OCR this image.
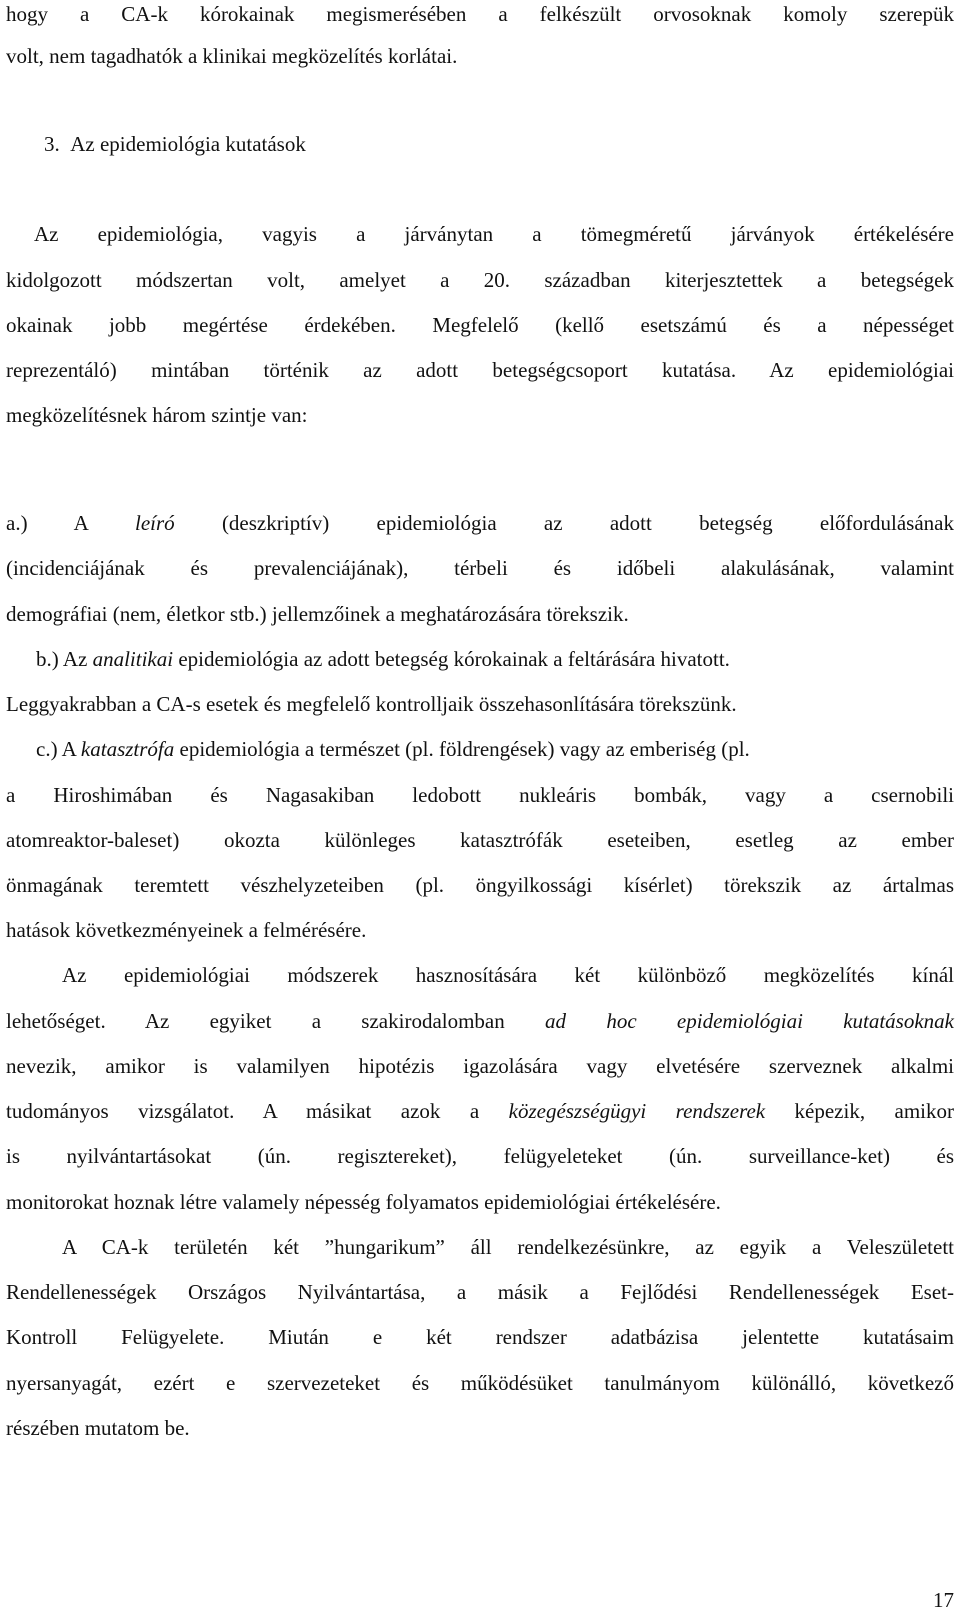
hogy a CA-k kórokainak megismerésében a felkészült orvosoknak komoly szerepük
volt, nem tagadhatók a klinikai megközelítés korlátai.
3. Az epidemiológia kutatások
Az epidemiológia, vagyis a járványtan a tömegméretű járványok értékelésére
kidolgozott módszertan volt, amelyet a 20. században kiterjesztettek a betegségek
okainak jobb megértése érdekében. Megfelelő (kellő esetszámú és a népességet
reprezentáló) mintában történik az adott betegségcsoport kutatása. Az epidemiológiai
megközelítésnek három szintje van:
a.) A leíró (deszkriptív) epidemiológia az adott betegség előfordulásának
(incidenciájának és prevalenciájának), térbeli és időbeli alakulásának, valamint
demográfiai (nem, életkor stb.) jellemzőinek a meghatározására törekszik.
b.) Az analitikai epidemiológia az adott betegség kórokainak a feltárására hivatott.
Leggyakrabban a CA-s esetek és megfelelő kontrolljaik összehasonlítására törekszünk.
c.) A katasztrófa epidemiológia a természet (pl. földrengések) vagy az emberiség (pl.
a Hiroshimában és Nagasakiban ledobott nukleáris bombák, vagy a csernobili
atomreaktor-baleset) okozta különleges katasztrófák eseteiben, esetleg az ember
önmagának teremtett vészhelyzeteiben (pl. öngyilkossági kísérlet) törekszik az ártalmas
hatások következményeinek a felmérésére.
Az epidemiológiai módszerek hasznosítására két különböző megközelítés kínál
lehetőséget. Az egyiket a szakirodalomban ad hoc epidemiológiai kutatásoknak
nevezik, amikor is valamilyen hipotézis igazolására vagy elvetésére szerveznek alkalmi
tudományos vizsgálatot. A másikat azok a közegészségügyi rendszerek képezik, amikor
is nyilvántartásokat (ún. regisztereket), felügyeleteket (ún. surveillance-ket) és
monitorokat hoznak létre valamely népesség folyamatos epidemiológiai értékelésére.
A CA-k területén két ”hungarikum” áll rendelkezésünkre, az egyik a Veleszületett
Rendellenességek Országos Nyilvántartása, a másik a Fejlődési Rendellenességek Eset-
Kontroll Felügyelete. Miután e két rendszer adatbázisa jelentette kutatásaim
nyersanyagát, ezért e szervezeteket és működésüket tanulmányom különálló, következő
részében mutatom be.
17
